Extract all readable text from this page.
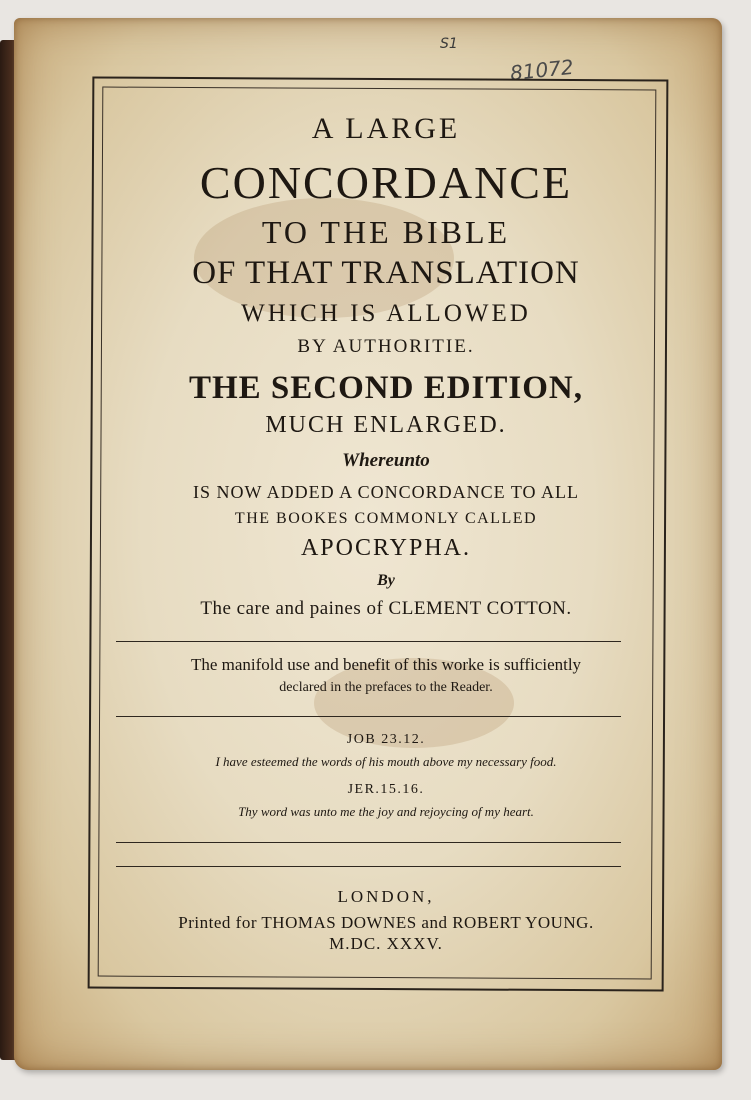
S1
81072
A LARGE
CONCORDANCE
TO THE BIBLE
OF THAT TRANSLATION
WHICH IS ALLOWED
BY AUTHORITIE.
THE SECOND EDITION,
MUCH ENLARGED.
Whereunto
IS NOW ADDED A CONCORDANCE TO ALL
THE BOOKES COMMONLY CALLED
APOCRYPHA.
By
The care and paines of CLEMENT COTTON.
The manifold use and benefit of this worke is sufficiently
declared in the prefaces to the Reader.
JOB 23.12.
I have esteemed the words of his mouth above my necessary food.
JER.15.16.
Thy word was unto me the joy and rejoycing of my heart.
LONDON,
Printed for THOMAS DOWNES and ROBERT YOUNG.
M.DC. XXXV.
